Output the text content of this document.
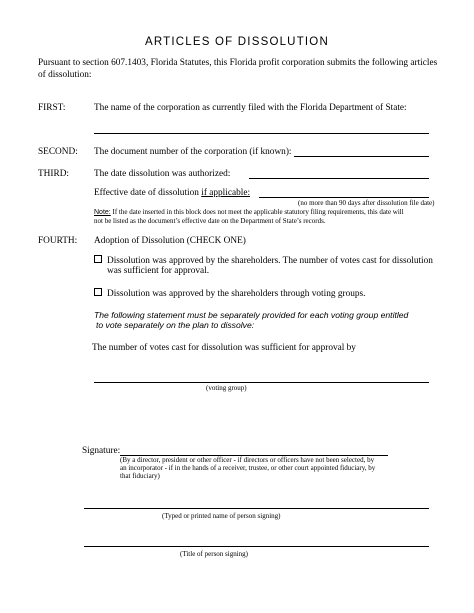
ARTICLES OF DISSOLUTION
Pursuant to section 607.1403, Florida Statutes, this Florida profit corporation submits the following articles
of dissolution:
FIRST:	The name of the corporation as currently filed with the Florida Department of State:
SECOND: The document number of the corporation (if known):
THIRD:	The date dissolution was authorized:
Effective date of dissolution if applicable:
(no more than 90 days after dissolution file date)
Note: If the date inserted in this block does not meet the applicable statutory filing requirements, this date will
not be listed as the document’s effective date on the Department of State’s records.
FOURTH: Adoption of Dissolution (CHECK ONE)
Dissolution was approved by the shareholders. The number of votes cast for dissolution
was sufficient for approval.
Dissolution was approved by the shareholders through voting groups.
The following statement must be separately provided for each voting group entitled
to vote separately on the plan to dissolve:
The number of votes cast for dissolution was sufficient for approval by
(voting group)
Signature:
(By a director, president or other officer - if directors or officers have not been selected, by
an incorporator - if in the hands of a receiver, trustee, or other court appointed fiduciary, by
that fiduciary)
(Typed or printed name of person signing)
(Title of person signing)
